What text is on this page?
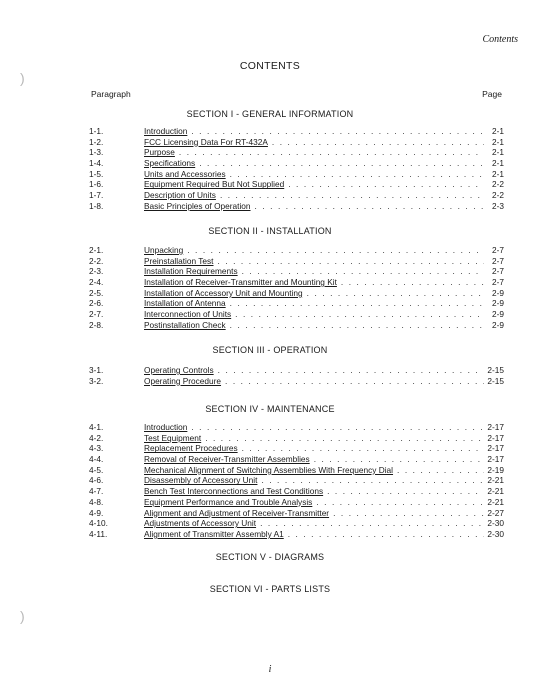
Contents
CONTENTS
Paragraph	Page
SECTION I - GENERAL INFORMATION
1-1.	Introduction . . .	2-1
1-2.	FCC Licensing Data For RT-432A . . .	2-1
1-3.	Purpose . . .	2-1
1-4.	Specifications . . .	2-1
1-5.	Units and Accessories . . .	2-1
1-6.	Equipment Required But Not Supplied . . .	2-2
1-7.	Description of Units . . .	2-2
1-8.	Basic Principles of Operation . . .	2-3
SECTION II - INSTALLATION
2-1.	Unpacking . . .	2-7
2-2.	Preinstallation Test . . .	2-7
2-3.	Installation Requirements . . .	2-7
2-4.	Installation of Receiver-Transmitter and Mounting Kit . . .	2-7
2-5.	Installation of Accessory Unit and Mounting . . .	2-9
2-6.	Installation of Antenna . . .	2-9
2-7.	Interconnection of Units . . .	2-9
2-8.	Postinstallation Check . . .	2-9
SECTION III - OPERATION
3-1.	Operating Controls . . .	2-15
3-2.	Operating Procedure . . .	2-15
SECTION IV - MAINTENANCE
4-1.	Introduction . . .	2-17
4-2.	Test Equipment . . .	2-17
4-3.	Replacement Procedures . . .	2-17
4-4.	Removal of Receiver-Transmitter Assemblies . . .	2-17
4-5.	Mechanical Alignment of Switching Assemblies With Frequency Dial . . .	2-19
4-6.	Disassembly of Accessory Unit . . .	2-21
4-7.	Bench Test Interconnections and Test Conditions . . .	2-21
4-8.	Equipment Performance and Trouble Analysis . . .	2-21
4-9.	Alignment and Adjustment of Receiver-Transmitter . . .	2-27
4-10.	Adjustments of Accessory Unit . . .	2-30
4-11.	Alignment of Transmitter Assembly A1 . . .	2-30
SECTION V - DIAGRAMS
SECTION VI - PARTS LISTS
)
)
i
